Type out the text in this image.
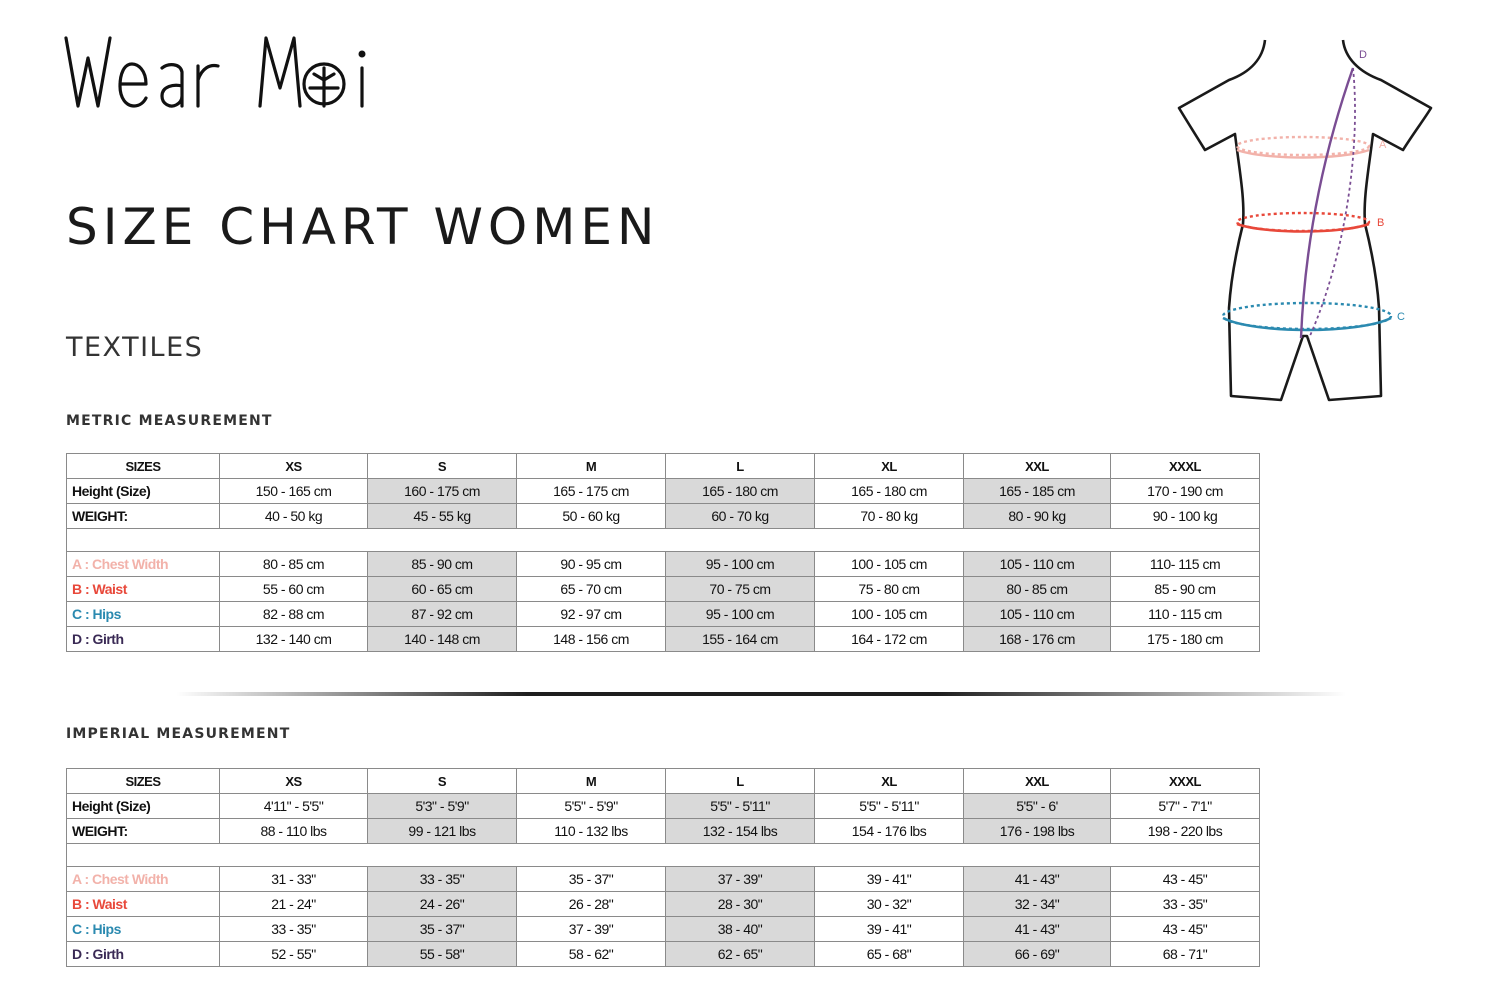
SIZE CHART WOMEN
TEXTILES
A
B
C
D
METRIC MEASUREMENT
SIZES	XS	S	M	L	XL	XXL	XXXL
Height (Size)	150 - 165 cm	160 - 175 cm	165 - 175 cm	165 - 180 cm	165 - 180 cm	165 - 185 cm	170 - 190 cm
WEIGHT:	40 - 50 kg	45 - 55 kg	50 - 60 kg	60 - 70 kg	70 - 80 kg	80 - 90 kg	90 - 100 kg

A : Chest Width	80 - 85 cm	85 - 90 cm	90 - 95 cm	95 - 100 cm	100 - 105 cm	105 - 110 cm	110- 115 cm
B : Waist	55 - 60 cm	60 - 65 cm	65 - 70 cm	70 - 75 cm	75 - 80 cm	80 - 85 cm	85 - 90 cm
C : Hips	82 - 88 cm	87 - 92 cm	92 - 97 cm	95 - 100 cm	100 - 105 cm	105 - 110 cm	110 - 115 cm
D : Girth	132 - 140 cm	140 - 148 cm	148 - 156 cm	155 - 164 cm	164 - 172 cm	168 - 176 cm	175 - 180 cm
IMPERIAL MEASUREMENT
SIZES	XS	S	M	L	XL	XXL	XXXL
Height (Size)	4'11" - 5'5"	5'3" - 5'9"	5'5" - 5'9"	5'5" - 5'11"	5'5" - 5'11"	5'5" - 6'	5'7" - 7'1"
WEIGHT:	88 - 110 lbs	99 - 121 lbs	110 - 132 lbs	132 - 154 lbs	154 - 176 lbs	176 - 198 lbs	198 - 220 lbs

A : Chest Width	31 - 33"	33 - 35"	35 - 37"	37 - 39"	39 - 41"	41 - 43"	43 - 45"
B : Waist	21 - 24"	24 - 26"	26 - 28"	28 - 30"	30 - 32"	32 - 34"	33 - 35"
C : Hips	33 - 35"	35 - 37"	37 - 39"	38 - 40"	39 - 41"	41 - 43"	43 - 45"
D : Girth	52 - 55"	55 - 58"	58 - 62"	62 - 65"	65 - 68"	66 - 69"	68 - 71"
